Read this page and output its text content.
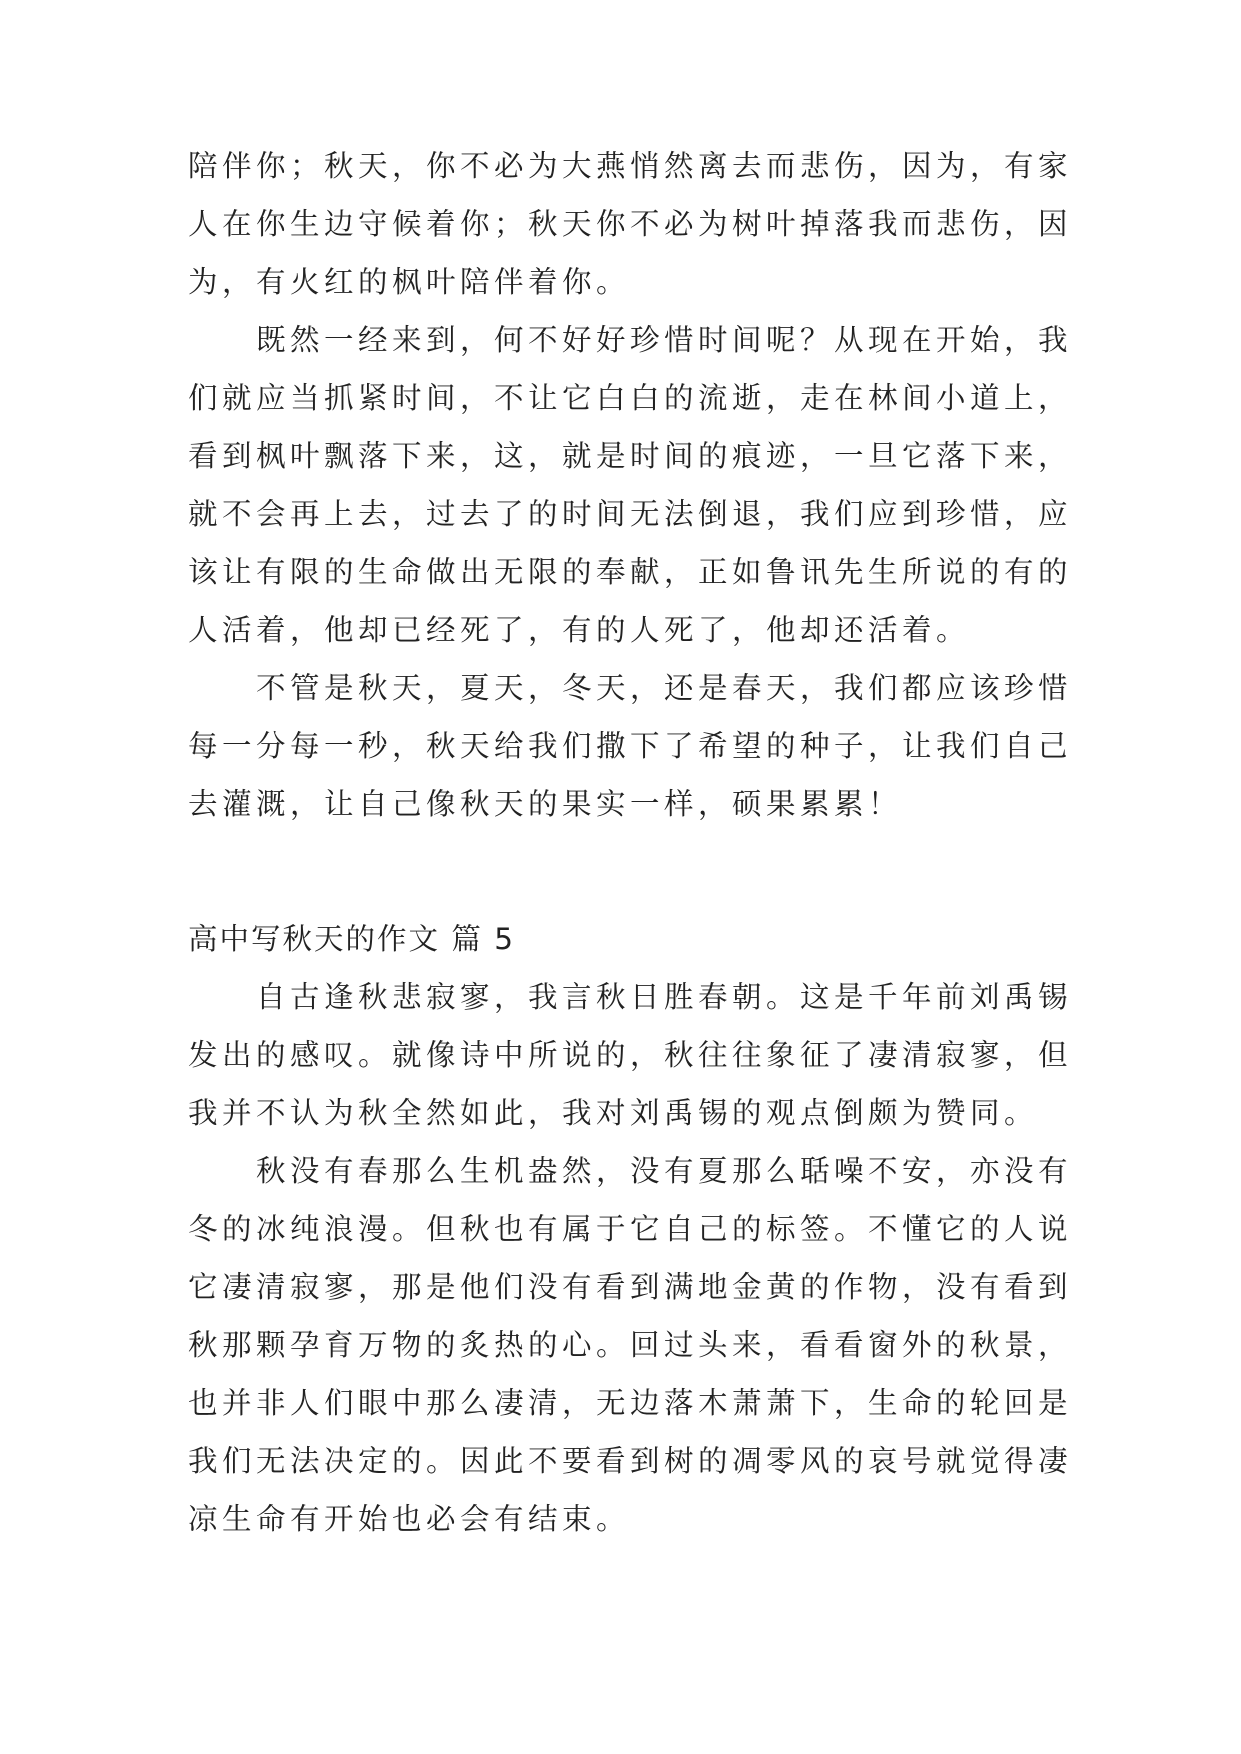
陪伴你；秋天，你不必为大燕悄然离去而悲伤，因为，有家

人在你生边守候着你；秋天你不必为树叶掉落我而悲伤，因

为，有火红的枫叶陪伴着你。

既然一经来到，何不好好珍惜时间呢？从现在开始，我

们就应当抓紧时间，不让它白白的流逝，走在林间小道上，

看到枫叶飘落下来，这，就是时间的痕迹，一旦它落下来，

就不会再上去，过去了的时间无法倒退，我们应到珍惜，应

该让有限的生命做出无限的奉献，正如鲁讯先生所说的有的

人活着，他却已经死了，有的人死了，他却还活着。

不管是秋天，夏天，冬天，还是春天，我们都应该珍惜

每一分每一秒，秋天给我们撒下了希望的种子，让我们自己

去灌溉，让自己像秋天的果实一样，硕果累累！

高中写秋天的作文 篇 5

自古逢秋悲寂寥，我言秋日胜春朝。这是千年前刘禹锡

发出的感叹。就像诗中所说的，秋往往象征了凄清寂寥，但

我并不认为秋全然如此，我对刘禹锡的观点倒颇为赞同。

秋没有春那么生机盎然，没有夏那么聒噪不安，亦没有

冬的冰纯浪漫。但秋也有属于它自己的标签。不懂它的人说

它凄清寂寥，那是他们没有看到满地金黄的作物，没有看到

秋那颗孕育万物的炙热的心。回过头来，看看窗外的秋景，

也并非人们眼中那么凄清，无边落木萧萧下，生命的轮回是

我们无法决定的。因此不要看到树的凋零风的哀号就觉得凄

凉生命有开始也必会有结束。
